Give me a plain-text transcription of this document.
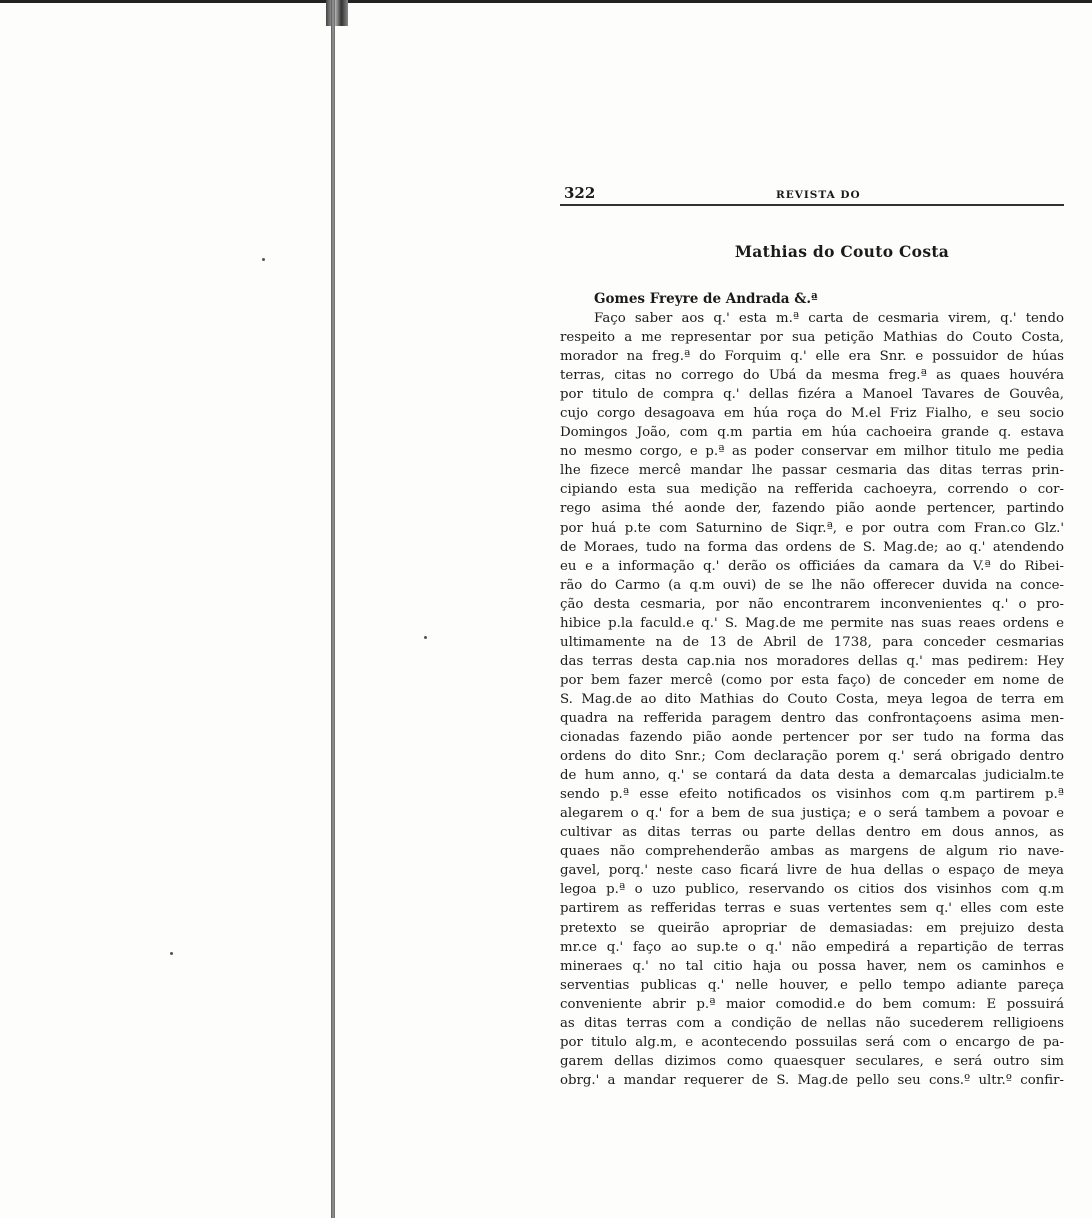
322	REVISTA DO
Mathias do Couto Costa
Gomes Freyre de Andrada &.ª
Faço saber aos q.' esta m.ª carta de cesmaria virem, q.' tendo
respeito a me representar por sua petição Mathias do Couto Costa,
morador na freg.ª do Forquim q.' elle era Snr. e possuidor de húas
terras, citas no corrego do Ubá da mesma freg.ª as quaes houvéra
por titulo de compra q.' dellas fizéra a Manoel Tavares de Gouvêa,
cujo corgo desagoava em húa roça do M.el Friz Fialho, e seu socio
Domingos João, com q.m partia em húa cachoeira grande q. estava
no mesmo corgo, e p.ª as poder conservar em milhor titulo me pedia
lhe fizece mercê mandar lhe passar cesmaria das ditas terras prin-
cipiando esta sua medição na refferida cachoeyra, correndo o cor-
rego asima thé aonde der, fazendo pião aonde pertencer, partindo
por huá p.te com Saturnino de Siqr.ª, e por outra com Fran.co Glz.'
de Moraes, tudo na forma das ordens de S. Mag.de; ao q.' atendendo
eu e a informação q.' derão os officiáes da camara da V.ª do Ribei-
rão do Carmo (a q.m ouvi) de se lhe não offerecer duvida na conce-
ção desta cesmaria, por não encontrarem inconvenientes q.' o pro-
hibice p.la faculd.e q.' S. Mag.de me permite nas suas reaes ordens e
ultimamente na de 13 de Abril de 1738, para conceder cesmarias
das terras desta cap.nia nos moradores dellas q.' mas pedirem: Hey
por bem fazer mercê (como por esta faço) de conceder em nome de
S. Mag.de ao dito Mathias do Couto Costa, meya legoa de terra em
quadra na refferida paragem dentro das confrontaçoens asima men-
cionadas fazendo pião aonde pertencer por ser tudo na forma das
ordens do dito Snr.; Com declaração porem q.' será obrigado dentro
de hum anno, q.' se contará da data desta a demarcalas judicialm.te
sendo p.ª esse efeito notificados os visinhos com q.m partirem p.ª
alegarem o q.' for a bem de sua justiça; e o será tambem a povoar e
cultivar as ditas terras ou parte dellas dentro em dous annos, as
quaes não comprehenderão ambas as margens de algum rio nave-
gavel, porq.' neste caso ficará livre de hua dellas o espaço de meya
legoa p.ª o uzo publico, reservando os citios dos visinhos com q.m
partirem as refferidas terras e suas vertentes sem q.' elles com este
pretexto se queirão apropriar de demasiadas: em prejuizo desta
mr.ce q.' faço ao sup.te o q.' não empedirá a repartição de terras
mineraes q.' no tal citio haja ou possa haver, nem os caminhos e
serventias publicas q.' nelle houver, e pello tempo adiante pareça
conveniente abrir p.ª maior comodid.e do bem comum: E possuirá
as ditas terras com a condição de nellas não sucederem relligioens
por titulo alg.m, e acontecendo possuilas será com o encargo de pa-
garem dellas dizimos como quaesquer seculares, e será outro sim
obrg.' a mandar requerer de S. Mag.de pello seu cons.º ultr.º confir-
